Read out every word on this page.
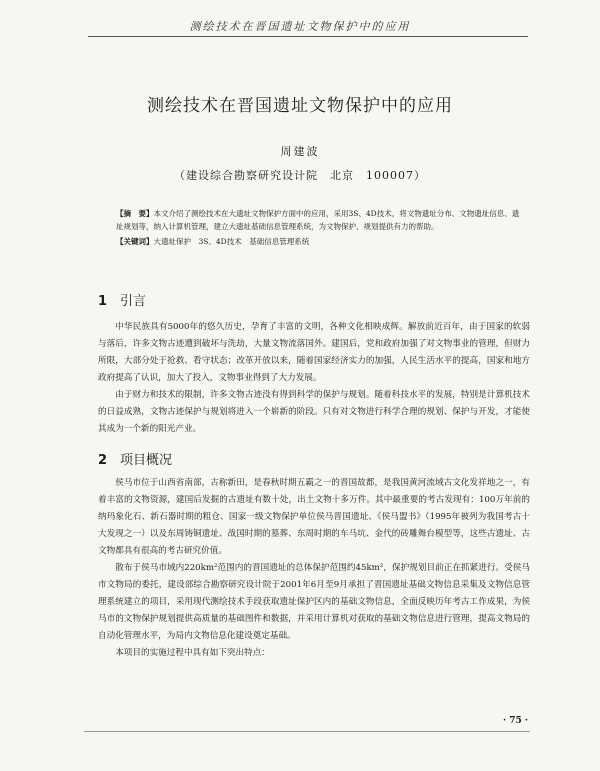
测绘技术在晋国遗址文物保护中的应用
测绘技术在晋国遗址文物保护中的应用
周建波
（建设综合勘察研究设计院　北京　100007）

【摘　要】本文介绍了测绘技术在大遗址文物保护方面中的应用，采用3S、4D技术，将文物遗址分布、文物遗址信息、遗址规划等，纳入计算机管理，建立大遗址基础信息管理系统，为文物保护、规划提供有力的帮助。

【关键词】大遗址保护　3S、4D技术　基础信息管理系统

1 引言

中华民族具有5000年的悠久历史，孕育了丰富的文明，各种文化相映成辉。解放前近百年，由于国家的软弱与落后，许多文物古迹遭到破坏与洗劫，大量文物流落国外。建国后，党和政府加强了对文物事业的管理，但财力所限，大部分处于抢救、看守状态；改革开放以来，随着国家经济实力的加强，人民生活水平的提高，国家和地方政府提高了认识，加大了投入，文物事业得到了大力发展。

由于财力和技术的限制，许多文物古迹没有得到科学的保护与规划。随着科技水平的发展，特别是计算机技术的日益成熟，文物古迹保护与规划将进入一个崭新的阶段。只有对文物进行科学合理的规划、保护与开发，才能使其成为一个新的阳光产业。

2 项目概况

侯马市位于山西省南部，古称新田，是春秋时期五霸之一的晋国故都，是我国黄河流域古文化发祥地之一，有着丰富的文物资源，建国后发掘的古遗址有数十处，出土文物十多万件。其中最重要的考古发现有：100万年前的纳玛象化石、新石器时期的粗仓、国家一级文物保护单位侯马晋国遗址、《侯马盟书》（1995年被列为我国考古十大发现之一）以及东周铸铜遗址、战国时期的墓葬、东周时期的车马坑、金代的砖雕舞台模型等，这些古遗址、古文物都具有很高的考古研究价值。

散布于侯马市域内220km²范围内的晋国遗址的总体保护范围约45km²，保护规划目前正在抓紧进行。受侯马市文物局的委托，建设部综合勘察研究设计院于2001年6月至9月承担了晋国遗址基础文物信息采集及文物信息管理系统建立的项目，采用现代测绘技术手段获取遗址保护区内的基础文物信息，全面反映历年考古工作成果，为侯马市的文物保护规划提供高质量的基础图件和数据，并采用计算机对获取的基础文物信息进行管理，提高文物局的自动化管理水平，为局内文物信息化建设奠定基础。

本项目的实施过程中具有如下突出特点：

· 75 ·
